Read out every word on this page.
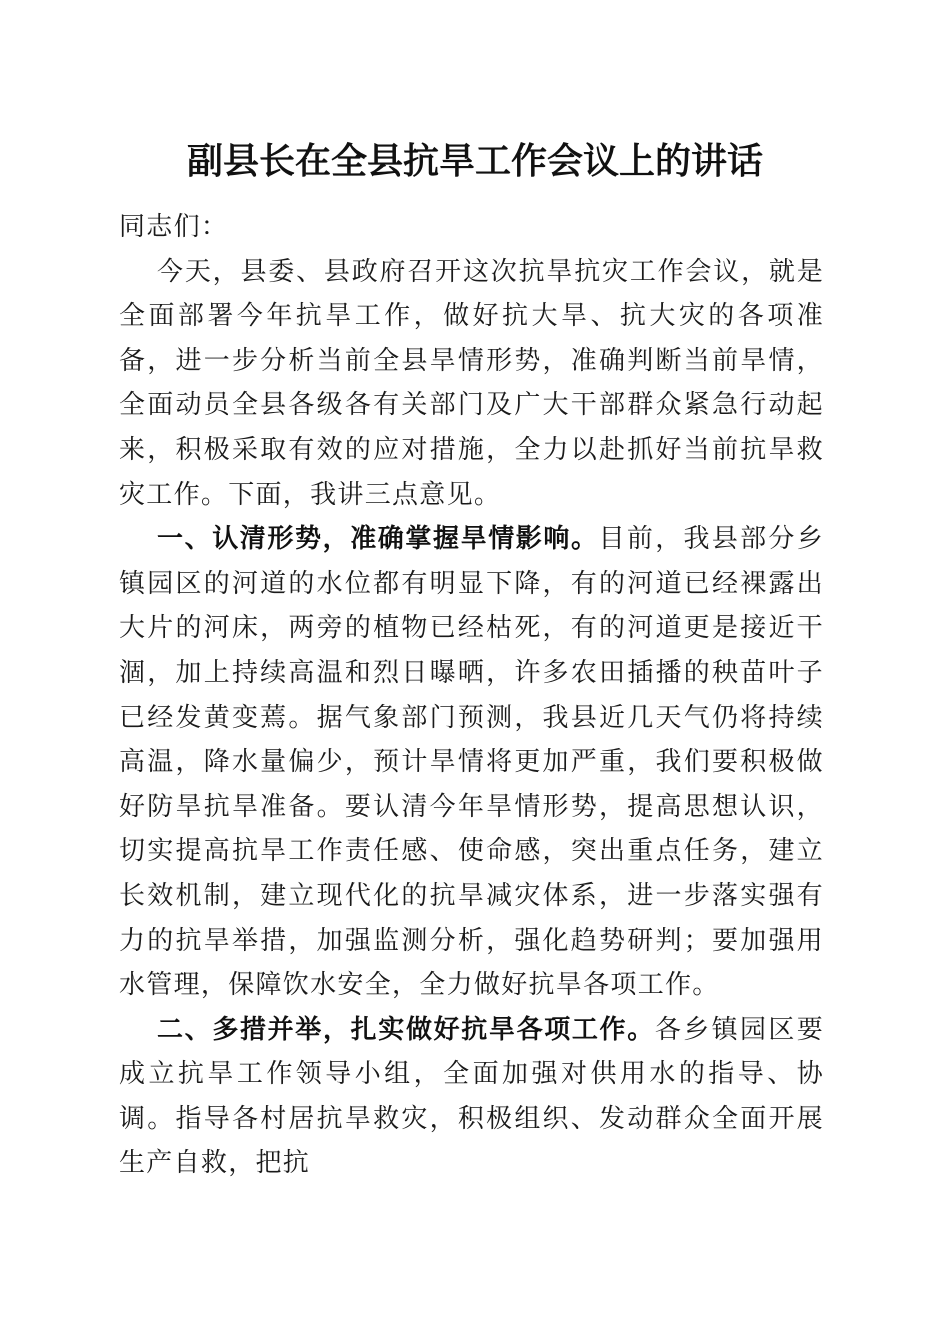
副县长在全县抗旱工作会议上的讲话

同志们：

今天，县委、县政府召开这次抗旱抗灾工作会议，就是全面部署今年抗旱工作，做好抗大旱、抗大灾的各项准备，进一步分析当前全县旱情形势，准确判断当前旱情，全面动员全县各级各有关部门及广大干部群众紧急行动起来，积极采取有效的应对措施，全力以赴抓好当前抗旱救灾工作。下面，我讲三点意见。

一、认清形势，准确掌握旱情影响。目前，我县部分乡镇园区的河道的水位都有明显下降，有的河道已经裸露出大片的河床，两旁的植物已经枯死，有的河道更是接近干涸，加上持续高温和烈日曝晒，许多农田插播的秧苗叶子已经发黄变蔫。据气象部门预测，我县近几天气仍将持续高温，降水量偏少，预计旱情将更加严重，我们要积极做好防旱抗旱准备。要认清今年旱情形势，提高思想认识，切实提高抗旱工作责任感、使命感，突出重点任务，建立长效机制，建立现代化的抗旱减灾体系，进一步落实强有力的抗旱举措，加强监测分析，强化趋势研判；要加强用水管理，保障饮水安全，全力做好抗旱各项工作。

二、多措并举，扎实做好抗旱各项工作。各乡镇园区要成立抗旱工作领导小组，全面加强对供用水的指导、协调。指导各村居抗旱救灾，积极组织、发动群众全面开展生产自救，把抗
